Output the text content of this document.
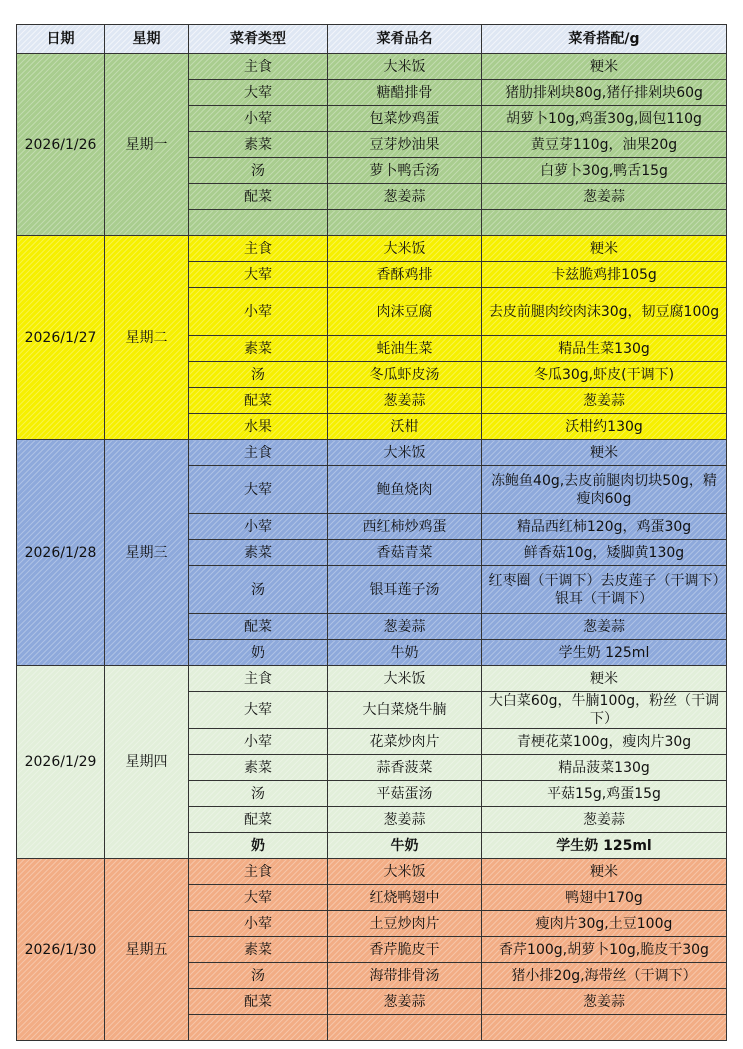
日期	星期	菜肴类型	菜肴品名	菜肴搭配/g
2026/1/26	星期一	主食	大米饭	粳米
		大荤	糖醋排骨	猪肋排剁块80g,猪仔排剁块60g
		小荤	包菜炒鸡蛋	胡萝卜10g,鸡蛋30g,圆包110g
		素菜	豆芽炒油果	黄豆芽110g，油果20g
		汤	萝卜鸭舌汤	白萝卜30g,鸭舌15g
		配菜	葱姜蒜	葱姜蒜

2026/1/27	星期二	主食	大米饭	粳米
		大荤	香酥鸡排	卡兹脆鸡排105g
		小荤	肉沫豆腐	去皮前腿肉绞肉沫30g，韧豆腐100g
		素菜	蚝油生菜	精品生菜130g
		汤	冬瓜虾皮汤	冬瓜30g,虾皮(干调下)
		配菜	葱姜蒜	葱姜蒜
		水果	沃柑	沃柑约130g
2026/1/28	星期三	主食	大米饭	粳米
		大荤	鲍鱼烧肉	冻鲍鱼40g,去皮前腿肉切块50g，精瘦肉60g
		小荤	西红柿炒鸡蛋	精品西红柿120g，鸡蛋30g
		素菜	香菇青菜	鲜香菇10g，矮脚黄130g
		汤	银耳莲子汤	红枣圈（干调下）去皮莲子（干调下）银耳（干调下）
		配菜	葱姜蒜	葱姜蒜
		奶	牛奶	学生奶 125ml
2026/1/29	星期四	主食	大米饭	粳米
		大荤	大白菜烧牛腩	大白菜60g，牛腩100g，粉丝（干调下）
		小荤	花菜炒肉片	青梗花菜100g，瘦肉片30g
		素菜	蒜香菠菜	精品菠菜130g
		汤	平菇蛋汤	平菇15g,鸡蛋15g
		配菜	葱姜蒜	葱姜蒜
		奶	牛奶	学生奶 125ml
2026/1/30	星期五	主食	大米饭	粳米
		大荤	红烧鸭翅中	鸭翅中170g
		小荤	土豆炒肉片	瘦肉片30g,土豆100g
		素菜	香芹脆皮干	香芹100g,胡萝卜10g,脆皮干30g
		汤	海带排骨汤	猪小排20g,海带丝（干调下）
		配菜	葱姜蒜	葱姜蒜
